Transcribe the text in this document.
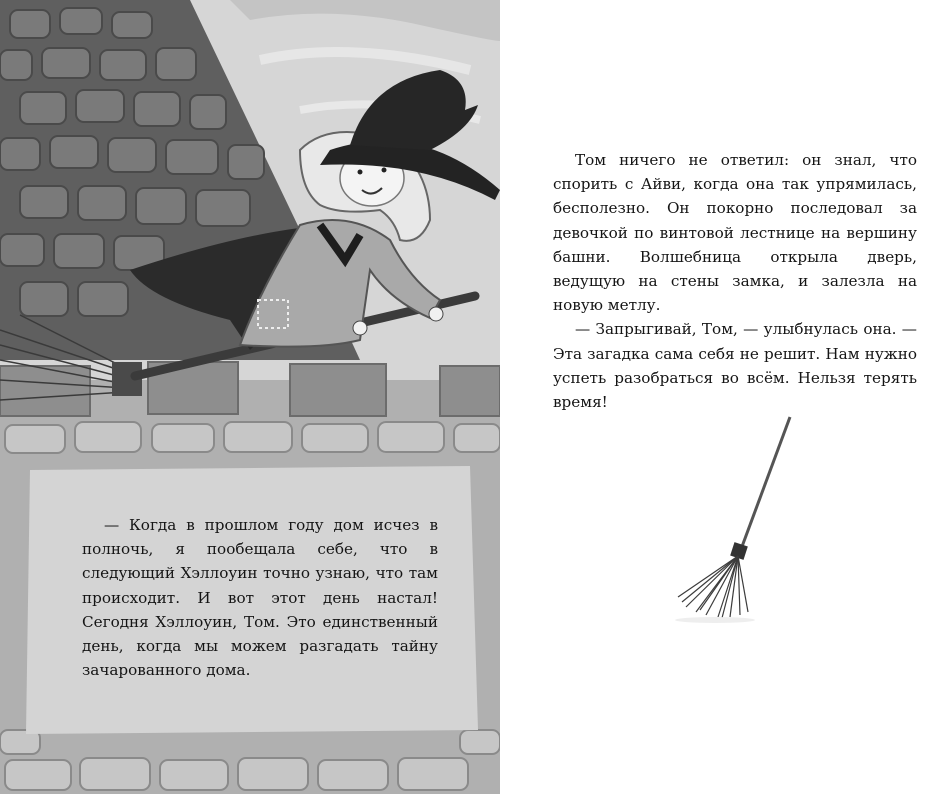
— Когда в прошлом году дом исчез в полночь, я пообещала себе, что в следующий Хэллоуин точно узнаю, что там происходит. И вот этот день настал! Сегодня Хэллоуин, Том. Это единственный день, когда мы можем разгадать тайну зачарованного дома.

Том ничего не ответил: он знал, что спорить с Айви, когда она так упрямилась, бесполезно. Он покорно последовал за девочкой по винтовой лестнице на вершину башни. Волшебница открыла дверь, ведущую на стены замка, и залезла на новую метлу.

— Запрыгивай, Том, — улыбнулась она. — Эта загадка сама себя не решит. Нам нужно успеть разобраться во всём. Нельзя терять время!
